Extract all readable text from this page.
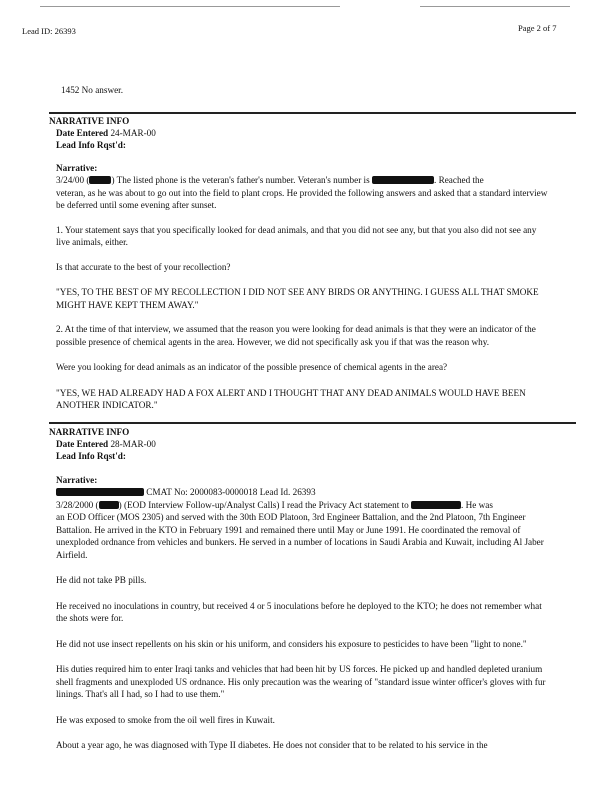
Lead ID: 26393	Page 2 of 7
1452 No answer.
NARRATIVE INFO
Date Entered 24-MAR-00
Lead Info Rqst'd:
Narrative:

3/24/00 ( ) The listed phone is the veteran's father's number. Veteran's number is	. Reached the

veteran, as he was about to go out into the field to plant crops. He provided the following answers and asked that a standard interview be deferred until some evening after sunset.

1. Your statement says that you specifically looked for dead animals, and that you did not see any, but that you also did not see any live animals, either.

Is that accurate to the best of your recollection?

"YES, TO THE BEST OF MY RECOLLECTION I DID NOT SEE ANY BIRDS OR ANYTHING. I GUESS ALL THAT SMOKE MIGHT HAVE KEPT THEM AWAY."

2. At the time of that interview, we assumed that the reason you were looking for dead animals is that they were an indicator of the possible presence of chemical agents in the area. However, we did not specifically ask you if that was the reason why.

Were you looking for dead animals as an indicator of the possible presence of chemical agents in the area?

"YES, WE HAD ALREADY HAD A FOX ALERT AND I THOUGHT THAT ANY DEAD ANIMALS WOULD HAVE BEEN ANOTHER INDICATOR."

NARRATIVE INFO
Date Entered 28-MAR-00
Lead Info Rqst'd:
Narrative:

CMAT No: 2000083-0000018 Lead Id. 26393

3/28/2000 ( ) (EOD Interview Follow-up/Analyst Calls) I read the Privacy Act statement to	. He was

an EOD Officer (MOS 2305) and served with the 30th EOD Platoon, 3rd Engineer Battalion, and the 2nd Platoon, 7th Engineer Battalion. He arrived in the KTO in February 1991 and remained there until May or June 1991. He coordinated the removal of unexploded ordnance from vehicles and bunkers. He served in a number of locations in Saudi Arabia and Kuwait, including Al Jaber Airfield.

He did not take PB pills.

He received no inoculations in country, but received 4 or 5 inoculations before he deployed to the KTO; he does not remember what the shots were for.

He did not use insect repellents on his skin or his uniform, and considers his exposure to pesticides to have been "light to none."

His duties required him to enter Iraqi tanks and vehicles that had been hit by US forces. He picked up and handled depleted uranium shell fragments and unexploded US ordnance. His only precaution was the wearing of "standard issue winter officer's gloves with fur linings. That's all I had, so I had to use them."

He was exposed to smoke from the oil well fires in Kuwait.

About a year ago, he was diagnosed with Type II diabetes. He does not consider that to be related to his service in the
